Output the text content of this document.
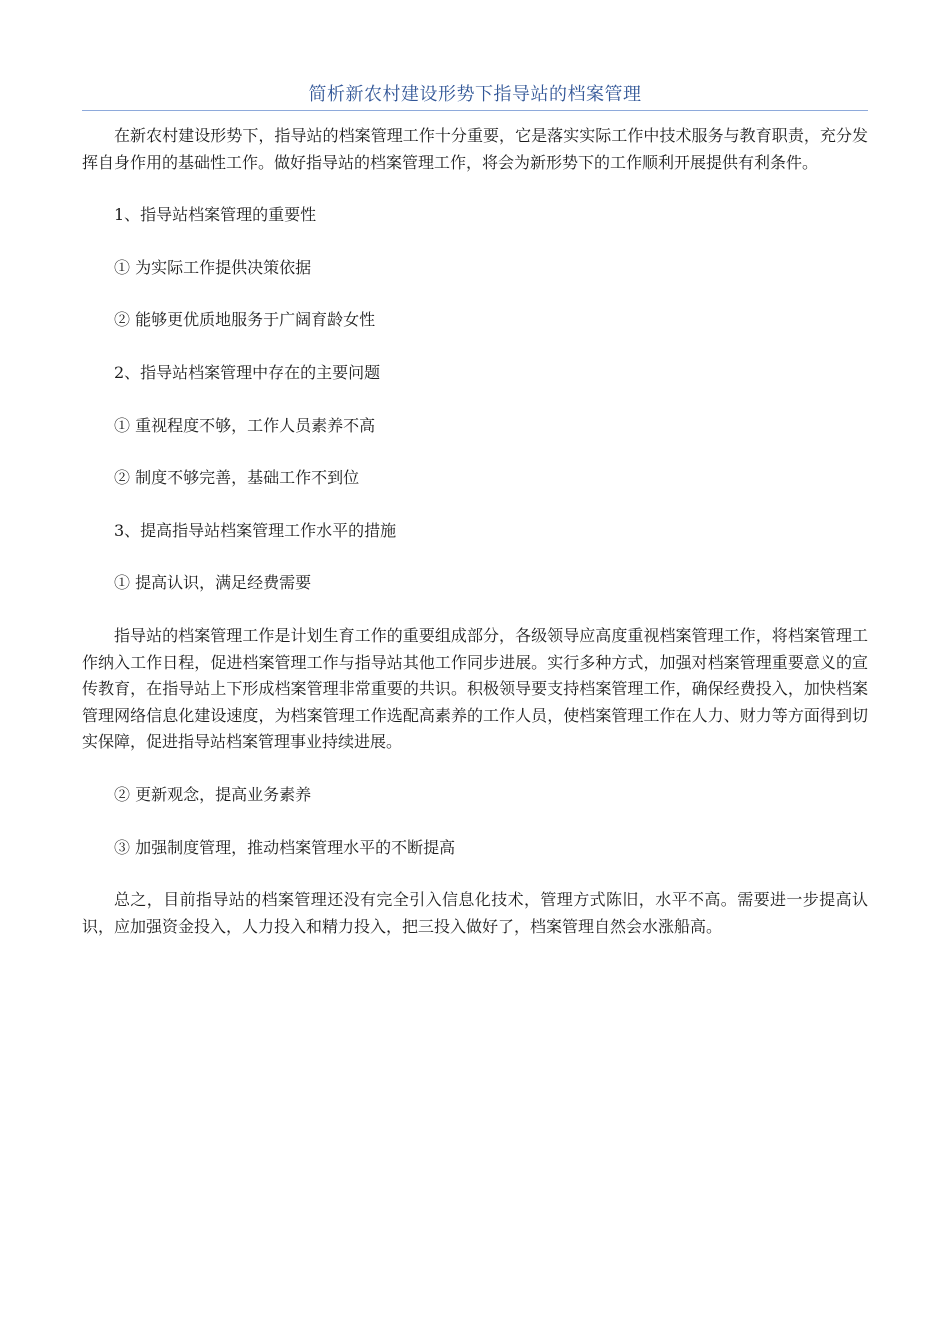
简析新农村建设形势下指导站的档案管理

在新农村建设形势下，指导站的档案管理工作十分重要，它是落实实际工作中技术服务与教育职责，充分发挥自身作用的基础性工作。做好指导站的档案管理工作，将会为新形势下的工作顺利开展提供有利条件。

1、指导站档案管理的重要性

① 为实际工作提供决策依据

② 能够更优质地服务于广阔育龄女性

2、指导站档案管理中存在的主要问题

① 重视程度不够，工作人员素养不高

② 制度不够完善，基础工作不到位

3、提高指导站档案管理工作水平的措施

① 提高认识，满足经费需要

指导站的档案管理工作是计划生育工作的重要组成部分，各级领导应高度重视档案管理工作，将档案管理工作纳入工作日程，促进档案管理工作与指导站其他工作同步进展。实行多种方式，加强对档案管理重要意义的宣传教育，在指导站上下形成档案管理非常重要的共识。积极领导要支持档案管理工作，确保经费投入，加快档案管理网络信息化建设速度，为档案管理工作选配高素养的工作人员，使档案管理工作在人力、财力等方面得到切实保障，促进指导站档案管理事业持续进展。

② 更新观念，提高业务素养

③ 加强制度管理，推动档案管理水平的不断提高

总之，目前指导站的档案管理还没有完全引入信息化技术，管理方式陈旧，水平不高。需要进一步提高认识，应加强资金投入，人力投入和精力投入，把三投入做好了，档案管理自然会水涨船高。
